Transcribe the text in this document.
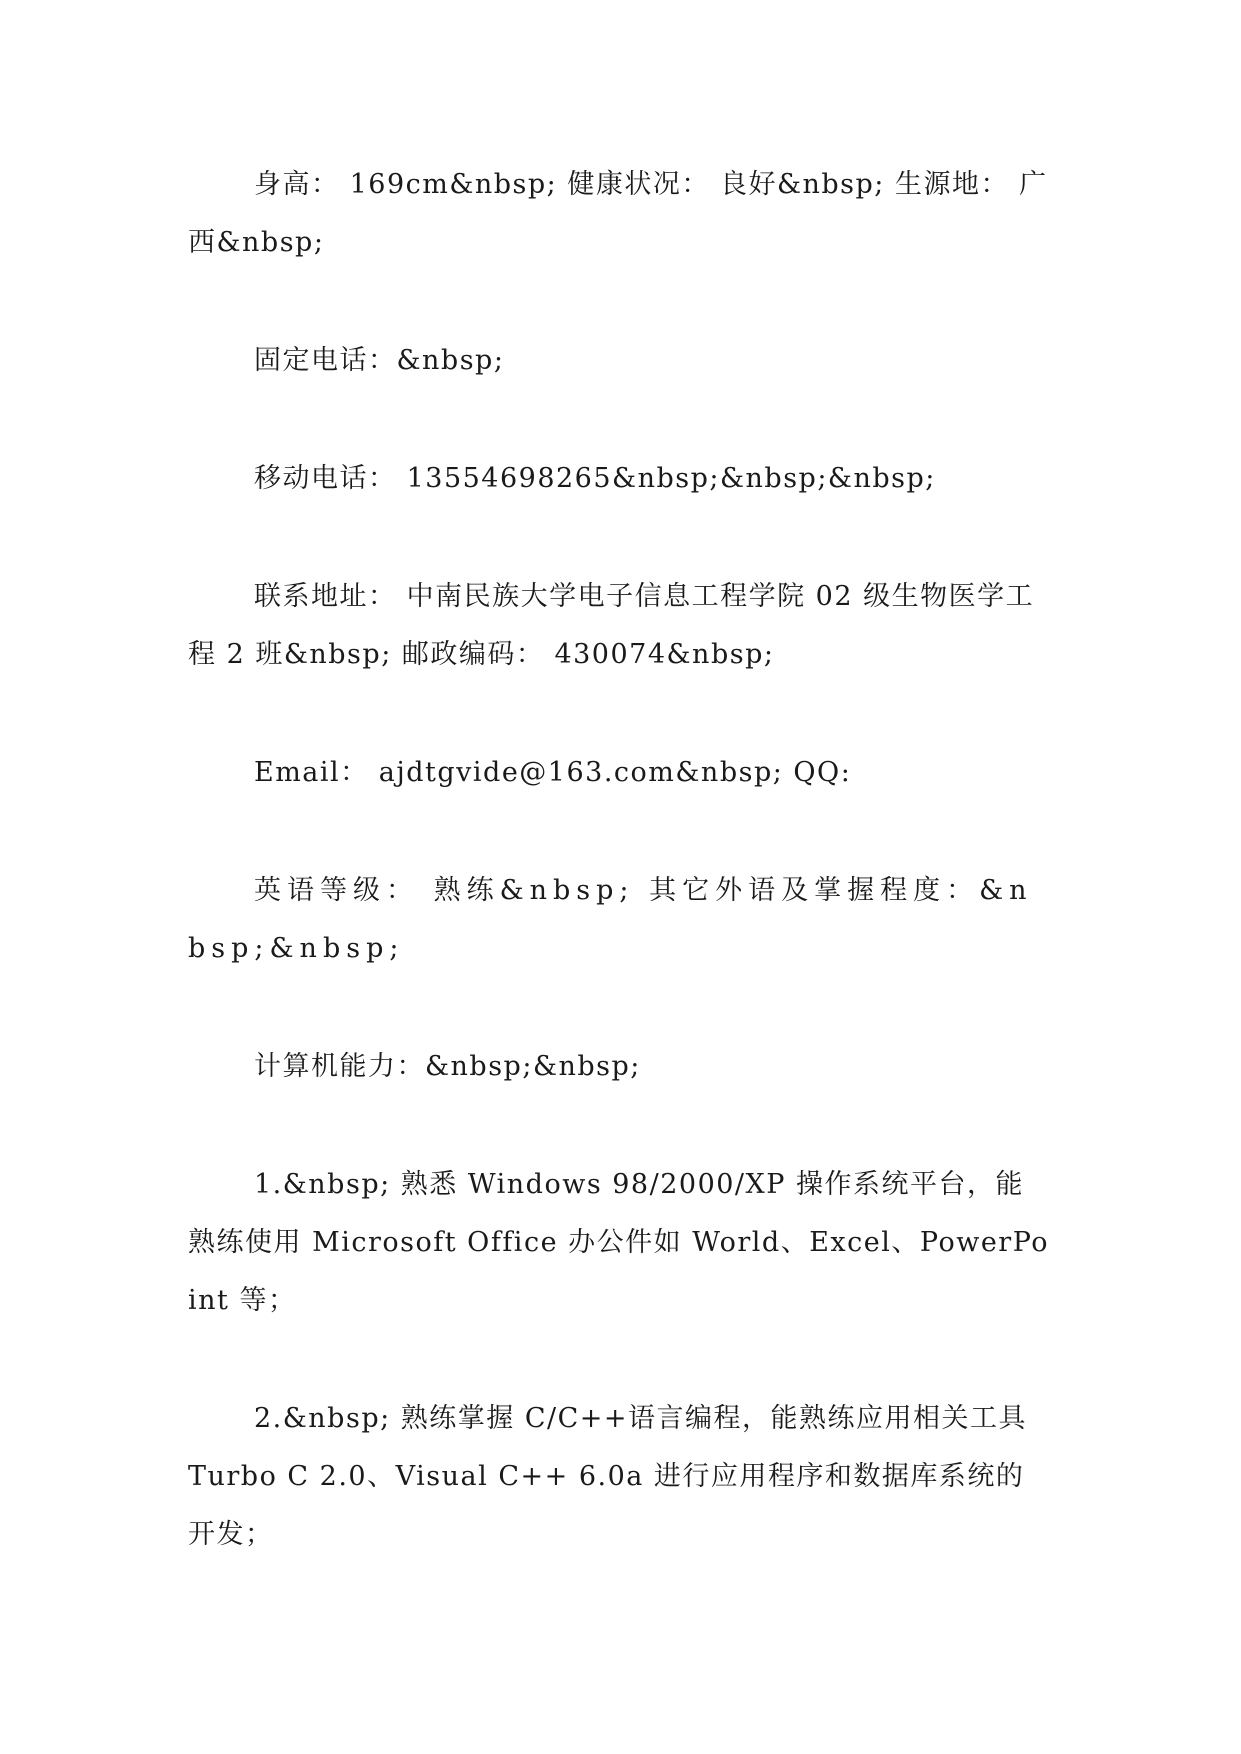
身高： 169cm&nbsp; 健康状况： 良好&nbsp; 生源地： 广西&nbsp;

固定电话：&nbsp;

移动电话： 13554698265&nbsp;&nbsp;&nbsp;

联系地址： 中南民族大学电子信息工程学院 02 级生物医学工程 2 班&nbsp; 邮政编码： 430074&nbsp;

Email： ajdtgvide@163.com&nbsp; QQ:

英语等级： 熟练&nbsp; 其它外语及掌握程度：&nbsp;&nbsp;

计算机能力：&nbsp;&nbsp;

1.&nbsp; 熟悉 Windows 98/2000/XP 操作系统平台，能熟练使用 Microsoft Office 办公件如 World、Excel、PowerPoint 等；

2.&nbsp; 熟练掌握 C/C++语言编程，能熟练应用相关工具 Turbo C 2.0、Visual C++ 6.0a 进行应用程序和数据库系统的开发；
